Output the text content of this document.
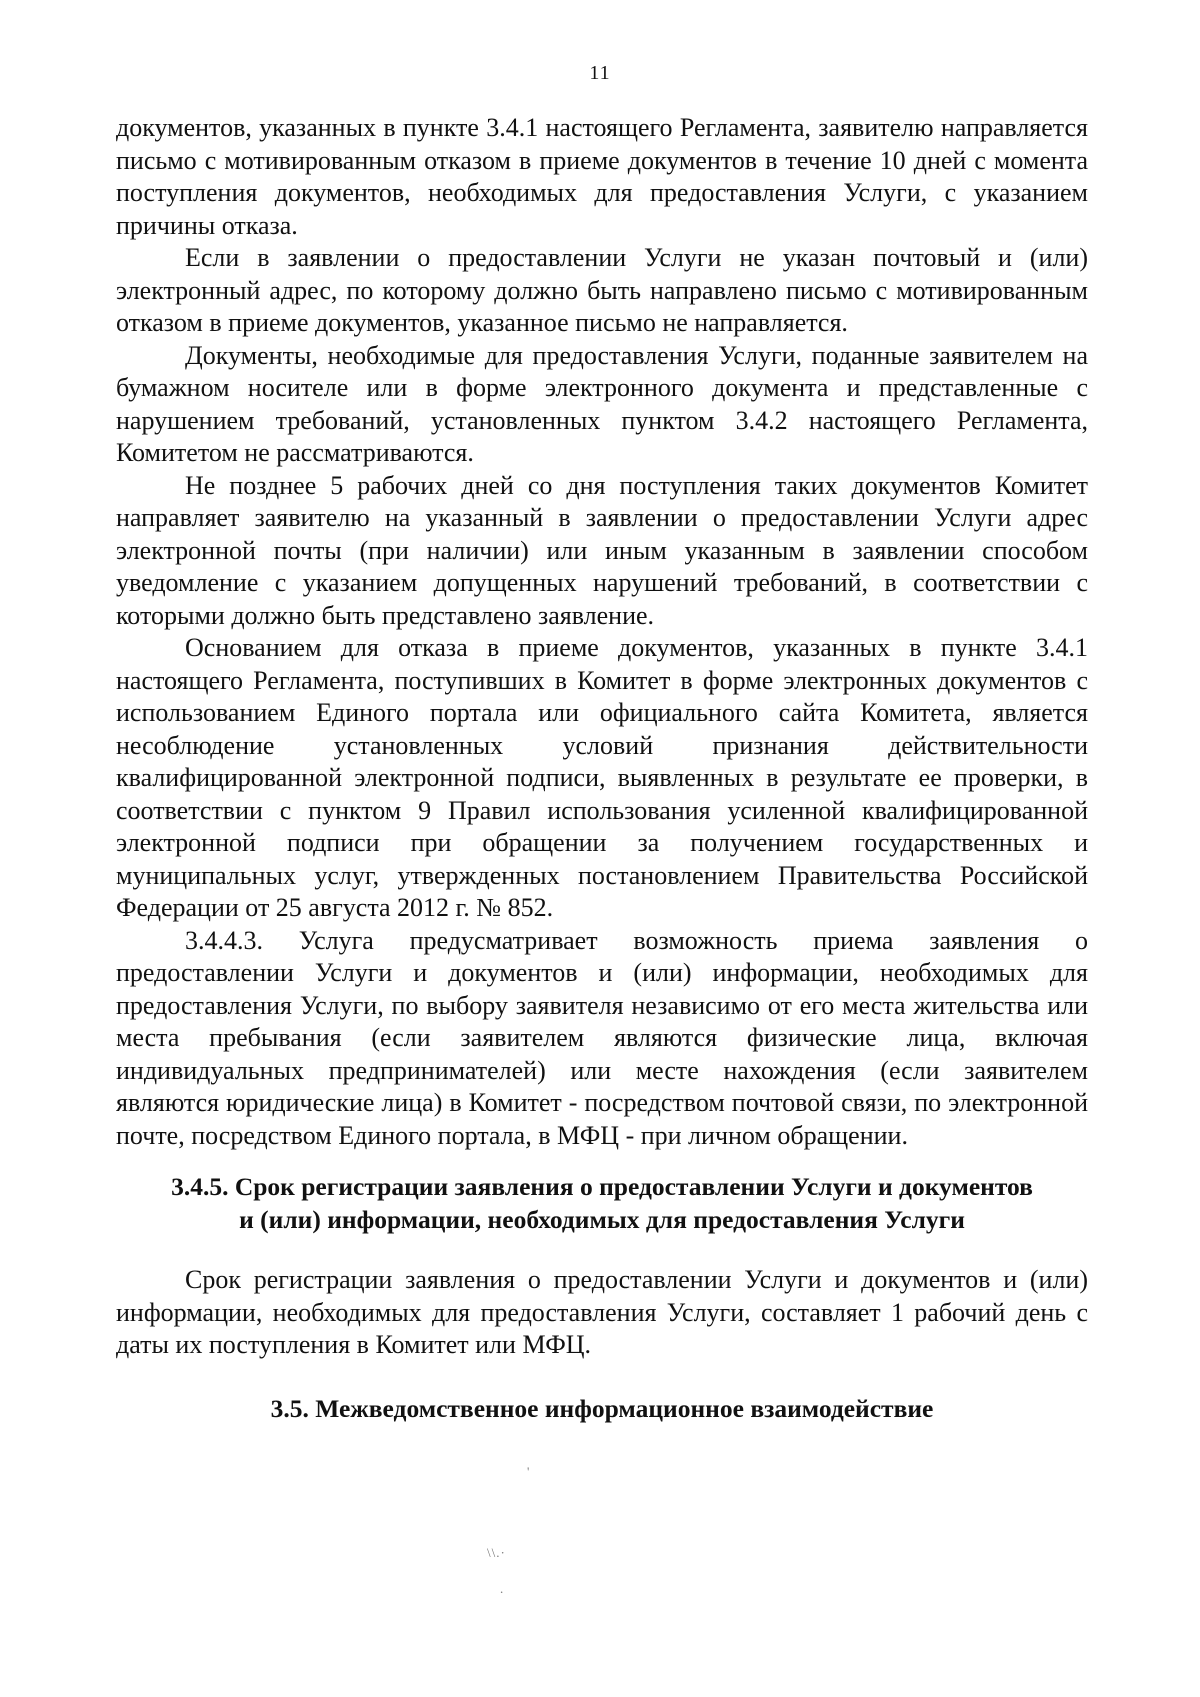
11

документов, указанных в пункте 3.4.1 настоящего Регламента, заявителю направляется письмо с мотивированным отказом в приеме документов в течение 10 дней с момента поступления документов, необходимых для предоставления Услуги, с указанием причины отказа.

Если в заявлении о предоставлении Услуги не указан почтовый и (или) электронный адрес, по которому должно быть направлено письмо с мотивированным отказом в приеме документов, указанное письмо не направляется.

Документы, необходимые для предоставления Услуги, поданные заявителем на бумажном носителе или в форме электронного документа и представленные с нарушением требований, установленных пунктом 3.4.2 настоящего Регламента, Комитетом не рассматриваются.

Не позднее 5 рабочих дней со дня поступления таких документов Комитет направляет заявителю на указанный в заявлении о предоставлении Услуги адрес электронной почты (при наличии) или иным указанным в заявлении способом уведомление с указанием допущенных нарушений требований, в соответствии с которыми должно быть представлено заявление.

Основанием для отказа в приеме документов, указанных в пункте 3.4.1 настоящего Регламента, поступивших в Комитет в форме электронных документов с использованием Единого портала или официального сайта Комитета, является несоблюдение установленных условий признания действительности квалифицированной электронной подписи, выявленных в результате ее проверки, в соответствии с пунктом 9 Правил использования усиленной квалифицированной электронной подписи при обращении за получением государственных и муниципальных услуг, утвержденных постановлением Правительства Российской Федерации от 25 августа 2012 г. № 852.

3.4.4.3. Услуга предусматривает возможность приема заявления о предоставлении Услуги и документов и (или) информации, необходимых для предоставления Услуги, по выбору заявителя независимо от его места жительства или места пребывания (если заявителем являются физические лица, включая индивидуальных предпринимателей) или месте нахождения (если заявителем являются юридические лица) в Комитет - посредством почтовой связи, по электронной почте, посредством Единого портала, в МФЦ - при личном обращении.

3.4.5. Срок регистрации заявления о предоставлении Услуги и документов
и (или) информации, необходимых для предоставления Услуги

Срок регистрации заявления о предоставлении Услуги и документов и (или) информации, необходимых для предоставления Услуги, составляет 1 рабочий день с даты их поступления в Комитет или МФЦ.

3.5. Межведомственное информационное взаимодействие
'
\\.·
.
